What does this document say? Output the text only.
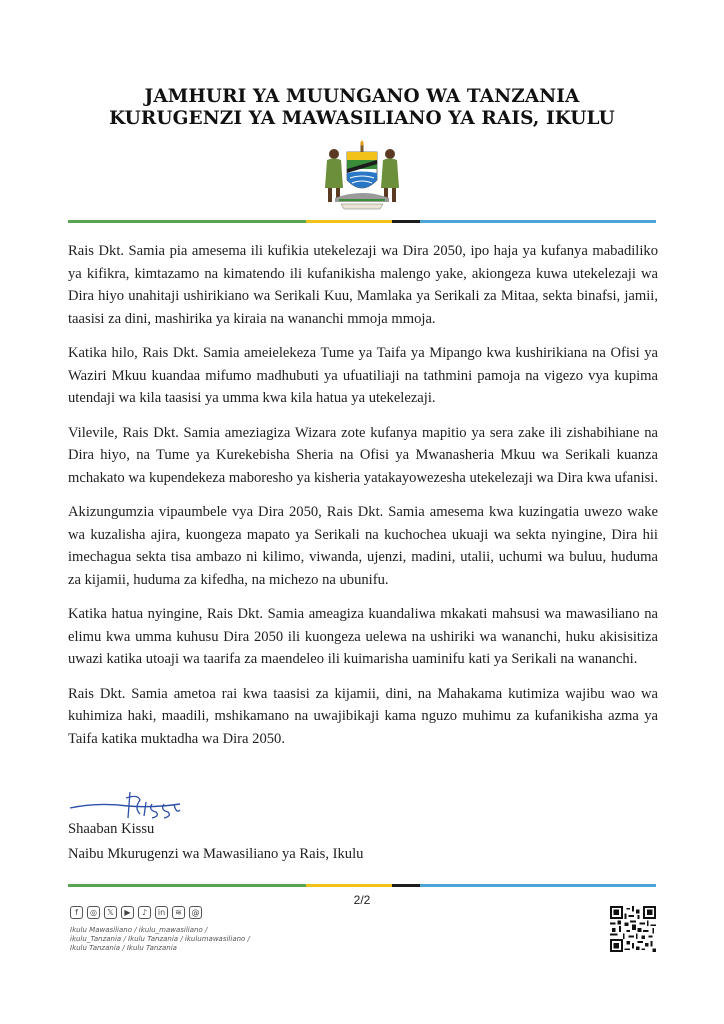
JAMHURI YA MUUNGANO WA TANZANIA
KURUGENZI YA MAWASILIANO YA RAIS, IKULU

Rais Dkt. Samia pia amesema ili kufikia utekelezaji wa Dira 2050, ipo haja ya kufanya mabadiliko ya kifikra, kimtazamo na kimatendo ili kufanikisha malengo yake, akiongeza kuwa utekelezaji wa Dira hiyo unahitaji ushirikiano wa Serikali Kuu, Mamlaka ya Serikali za Mitaa, sekta binafsi, jamii, taasisi za dini, mashirika ya kiraia na wananchi mmoja mmoja.

Katika hilo, Rais Dkt. Samia ameielekeza Tume ya Taifa ya Mipango kwa kushirikiana na Ofisi ya Waziri Mkuu kuandaa mifumo madhubuti ya ufuatiliaji na tathmini pamoja na vigezo vya kupima utendaji wa kila taasisi ya umma kwa kila hatua ya utekelezaji.

Vilevile, Rais Dkt. Samia ameziagiza Wizara zote kufanya mapitio ya sera zake ili zishabihiane na Dira hiyo, na Tume ya Kurekebisha Sheria na Ofisi ya Mwanasheria Mkuu wa Serikali kuanza mchakato wa kupendekeza maboresho ya kisheria yatakayowezesha utekelezaji wa Dira kwa ufanisi.

Akizungumzia vipaumbele vya Dira 2050, Rais Dkt. Samia amesema kwa kuzingatia uwezo wake wa kuzalisha ajira, kuongeza mapato ya Serikali na kuchochea ukuaji wa sekta nyingine, Dira hii imechagua sekta tisa ambazo ni kilimo, viwanda, ujenzi, madini, utalii, uchumi wa buluu, huduma za kijamii, huduma za kifedha, na michezo na ubunifu.

Katika hatua nyingine, Rais Dkt. Samia ameagiza kuandaliwa mkakati mahsusi wa mawasiliano na elimu kwa umma kuhusu Dira 2050 ili kuongeza uelewa na ushiriki wa wananchi, huku akisisitiza uwazi katika utoaji wa taarifa za maendeleo ili kuimarisha uaminifu kati ya Serikali na wananchi.

Rais Dkt. Samia ametoa rai kwa taasisi za kijamii, dini, na Mahakama kutimiza wajibu wao wa kuhimiza haki, maadili, mshikamano na uwajibikaji kama nguzo muhimu za kufanikisha azma ya Taifa katika muktadha wa Dira 2050.

Shaaban Kissu
Naibu Mkurugenzi wa Mawasiliano ya Rais, Ikulu
2/2
f	◎	𝕏	▶	♪	in	≋	@
Ikulu Mawasiliano / ikulu_mawasiliano / ikulu_Tanzania / Ikulu Tanzania / ikulumawasiliano / Ikulu Tanzania / Ikulu Tanzania
